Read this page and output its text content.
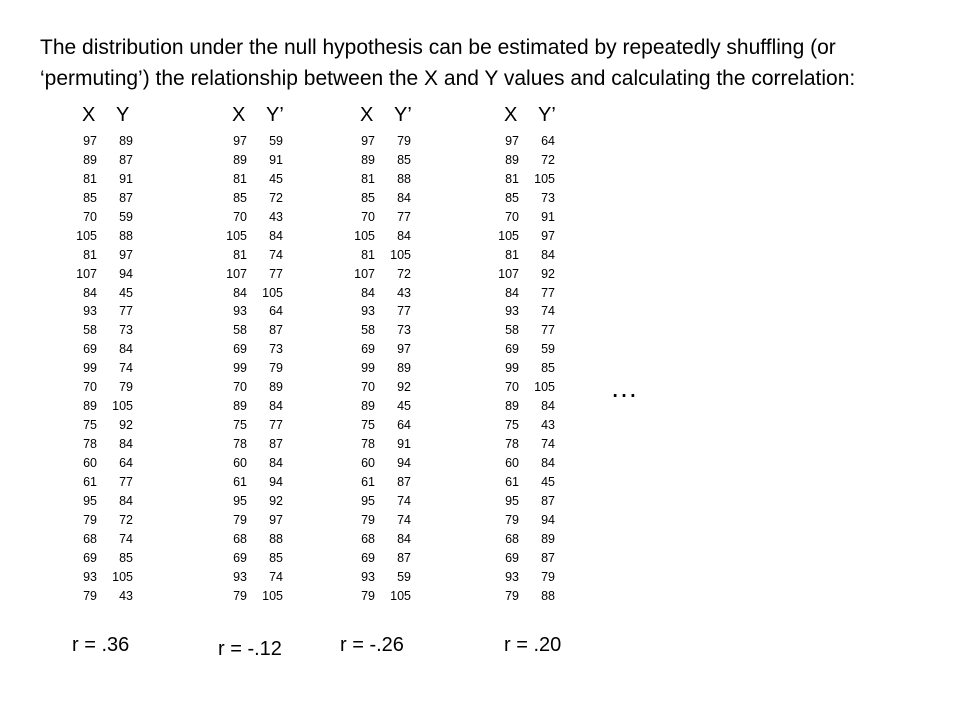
The distribution under the null hypothesis can be estimated by repeatedly shuffling (or
‘permuting’) the relationship between the X and Y values and calculating the correlation:
X Y
97	89
89	87
81	91
85	87
70	59
105	88
81	97
107	94
84	45
93	77
58	73
69	84
99	74
70	79
89	105
75	92
78	84
60	64
61	77
95	84
79	72
68	74
69	85
93	105
79	43
r = .36
X Y’
97	59
89	91
81	45
85	72
70	43
105	84
81	74
107	77
84	105
93	64
58	87
69	73
99	79
70	89
89	84
75	77
78	87
60	84
61	94
95	92
79	97
68	88
69	85
93	74
79	105
r = -.12
X Y’
97	79
89	85
81	88
85	84
70	77
105	84
81	105
107	72
84	43
93	77
58	73
69	97
99	89
70	92
89	45
75	64
78	91
60	94
61	87
95	74
79	74
68	84
69	87
93	59
79	105
r = -.26
X Y’
97	64
89	72
81	105
85	73
70	91
105	97
81	84
107	92
84	77
93	74
58	77
69	59
99	85
70	105
89	84
75	43
78	74
60	84
61	45
95	87
79	94
68	89
69	87
93	79
79	88
r = .20
…
